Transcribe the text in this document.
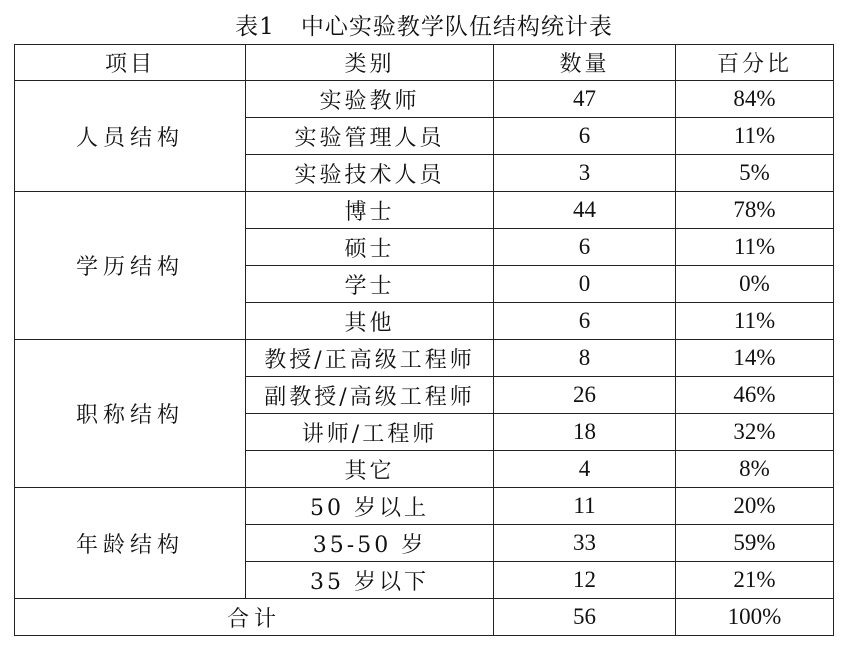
表1 中心实验教学队伍结构统计表
项目	类别	数量	百分比
人员结构	实验教师	47	84%
	实验管理人员	6	11%
	实验技术人员	3	5%
学历结构	博士	44	78%
	硕士	6	11%
	学士	0	0%
	其他	6	11%
职称结构	教授/正高级工程师	8	14%
	副教授/高级工程师	26	46%
	讲师/工程师	18	32%
	其它	4	8%
年龄结构	50 岁以上	11	20%
	35-50 岁	33	59%
	35 岁以下	12	21%
合计		56	100%
